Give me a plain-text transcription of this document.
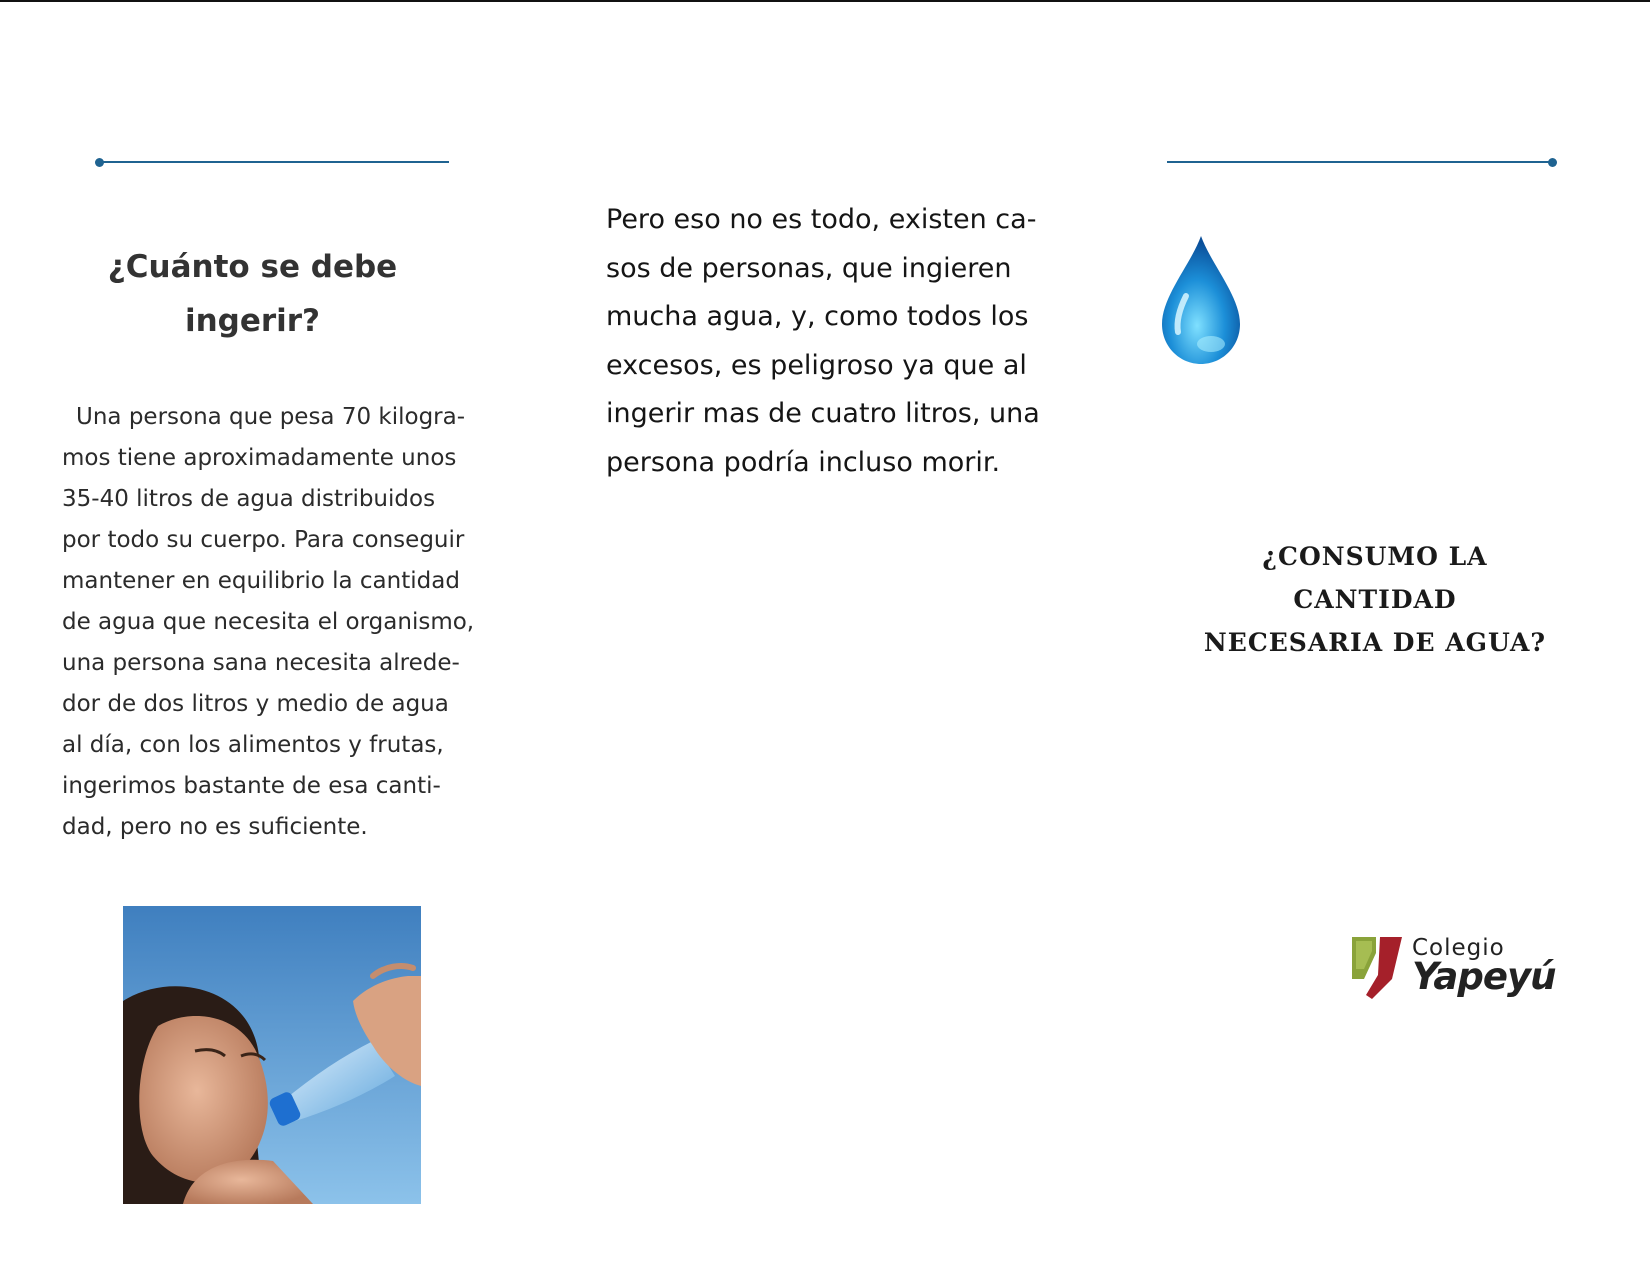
¿Cuánto se debe
ingerir?

Una persona que pesa 70 kilogra-

mos tiene aproximadamente unos

35-40 litros de agua distribuidos

por todo su cuerpo. Para conseguir

mantener en equilibrio la cantidad

de agua que necesita el organismo,

una persona sana necesita alrede-

dor de dos litros y medio de agua

al día, con los alimentos y frutas,

ingerimos bastante de esa canti-

dad, pero no es suficiente.

Pero eso no es todo, existen ca-

sos de personas, que ingieren

mucha agua, y, como todos los

excesos, es peligroso ya que al

ingerir mas de cuatro litros, una

persona podría incluso morir.

¿CONSUMO LA
CANTIDAD
NECESARIA DE AGUA?
Colegio
Yapeyú
